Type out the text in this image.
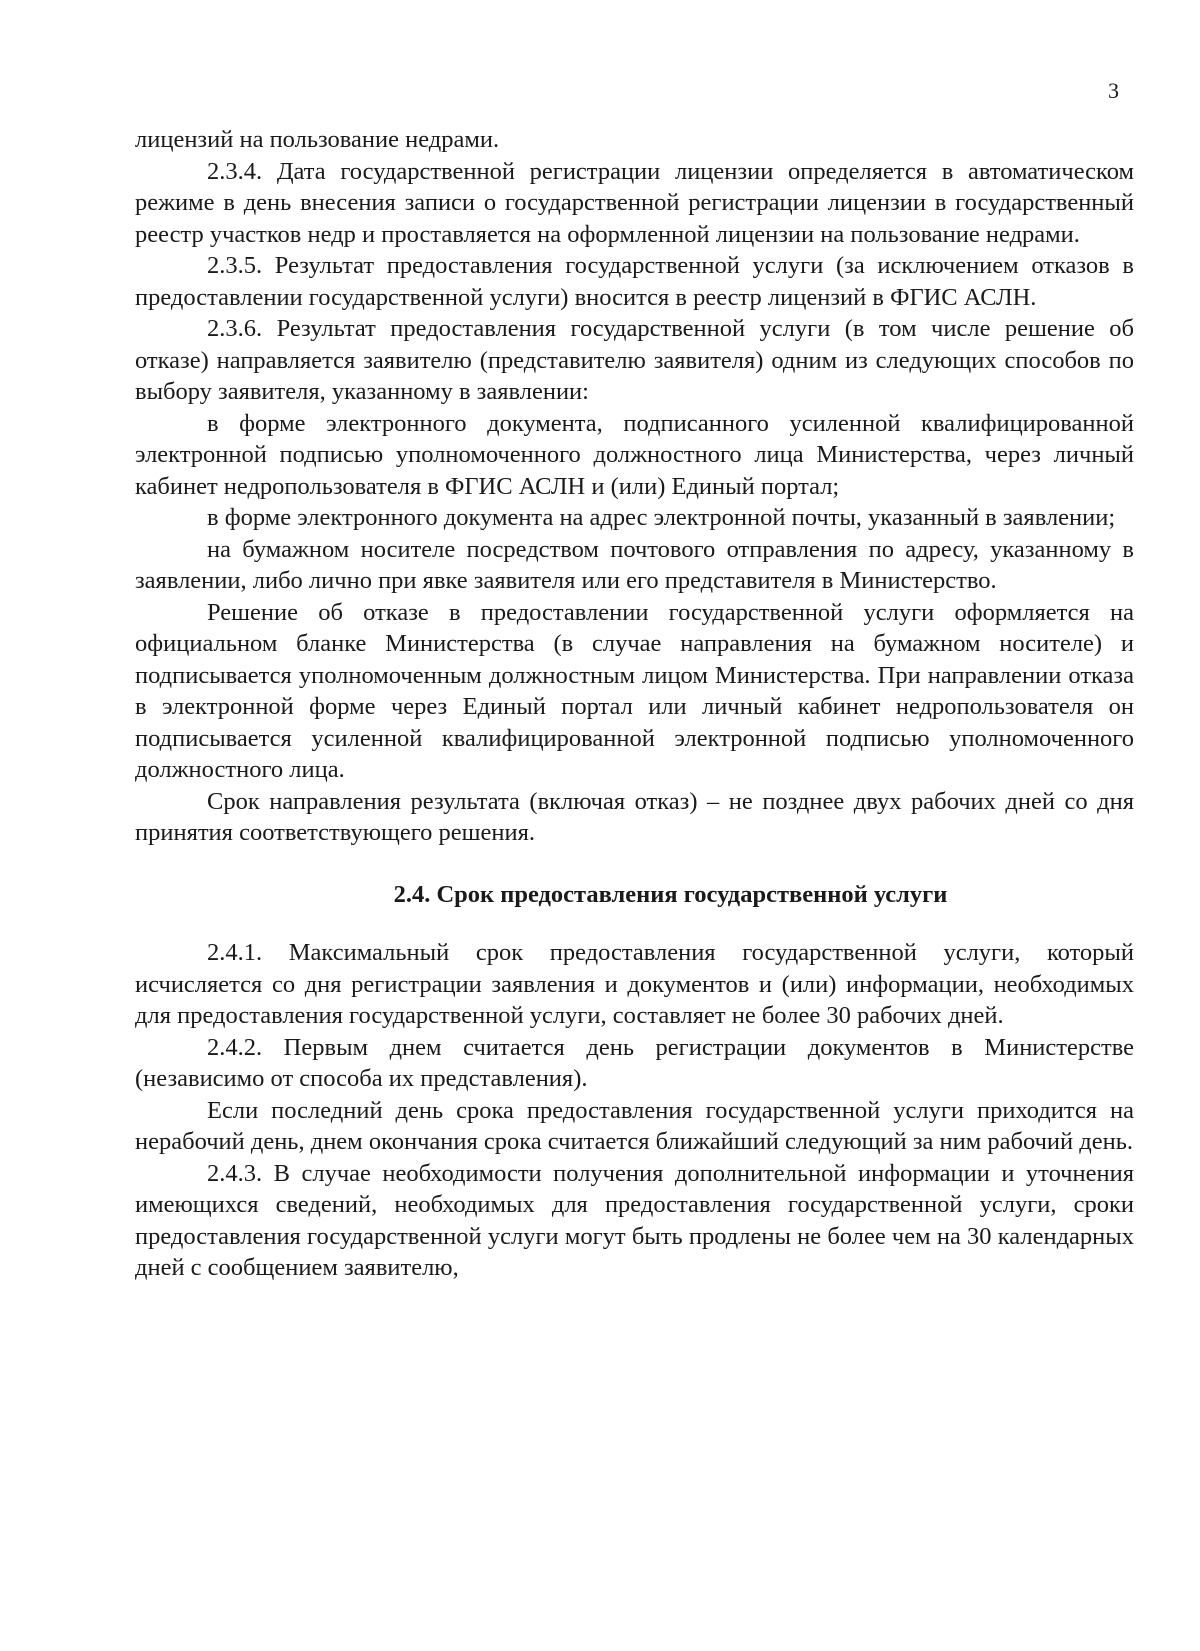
3

лицензий на пользование недрами.

2.3.4. Дата государственной регистрации лицензии определяется в автоматическом режиме в день внесения записи о государственной регистрации лицензии в государственный реестр участков недр и проставляется на оформленной лицензии на пользование недрами.

2.3.5. Результат предоставления государственной услуги (за исключением отказов в предоставлении государственной услуги) вносится в реестр лицензий в ФГИС АСЛН.

2.3.6. Результат предоставления государственной услуги (в том числе решение об отказе) направляется заявителю (представителю заявителя) одним из следующих способов по выбору заявителя, указанному в заявлении:

в форме электронного документа, подписанного усиленной квалифицированной электронной подписью уполномоченного должностного лица Министерства, через личный кабинет недропользователя в ФГИС АСЛН и (или) Единый портал;

в форме электронного документа на адрес электронной почты, указанный в заявлении;

на бумажном носителе посредством почтового отправления по адресу, указанному в заявлении, либо лично при явке заявителя или его представителя в Министерство.

Решение об отказе в предоставлении государственной услуги оформляется на официальном бланке Министерства (в случае направления на бумажном носителе) и подписывается уполномоченным должностным лицом Министерства. При направлении отказа в электронной форме через Единый портал или личный кабинет недропользователя он подписывается усиленной квалифицированной электронной подписью уполномоченного должностного лица.

Срок направления результата (включая отказ) – не позднее двух рабочих дней со дня принятия соответствующего решения.

2.4. Срок предоставления государственной услуги

2.4.1. Максимальный срок предоставления государственной услуги, который исчисляется со дня регистрации заявления и документов и (или) информации, необходимых для предоставления государственной услуги, составляет не более 30 рабочих дней.

2.4.2. Первым днем считается день регистрации документов в Министерстве (независимо от способа их представления).

Если последний день срока предоставления государственной услуги приходится на нерабочий день, днем окончания срока считается ближайший следующий за ним рабочий день.

2.4.3. В случае необходимости получения дополнительной информации и уточнения имеющихся сведений, необходимых для предоставления государственной услуги, сроки предоставления государственной услуги могут быть продлены не более чем на 30 календарных дней с сообщением заявителю,
